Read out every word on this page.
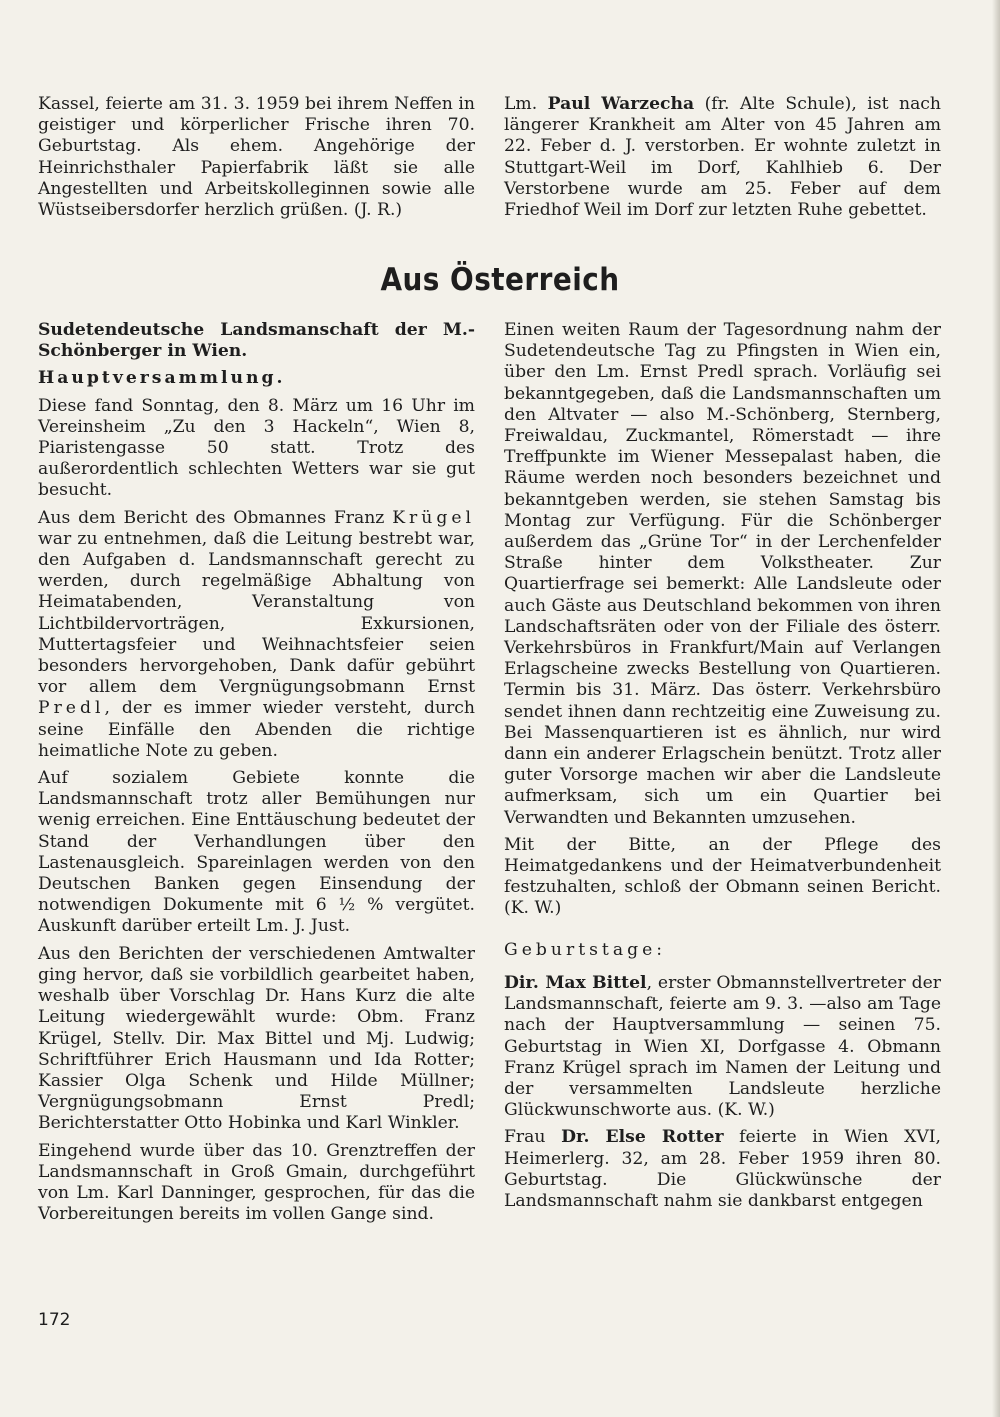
Kassel, feierte am 31. 3. 1959 bei ihrem Neffen in geistiger und körperlicher Frische ihren 70. Geburtstag. Als ehem. Angehörige der Heinrichsthaler Papierfabrik läßt sie alle Angestellten und Arbeitskolleginnen sowie alle Wüstseibersdorfer herzlich grüßen. (J. R.)

Lm. Paul Warzecha (fr. Alte Schule), ist nach längerer Krankheit am Alter von 45 Jahren am 22. Feber d. J. verstorben. Er wohnte zuletzt in Stuttgart-Weil im Dorf, Kahlhieb 6. Der Verstorbene wurde am 25. Feber auf dem Friedhof Weil im Dorf zur letzten Ruhe gebettet.

Aus Österreich

Sudetendeutsche Landsmanschaft der M.-Schönberger in Wien.

Hauptversammlung.

Diese fand Sonntag, den 8. März um 16 Uhr im Vereinsheim „Zu den 3 Hackeln“, Wien 8, Piaristengasse 50 statt. Trotz des außerordentlich schlechten Wetters war sie gut besucht.

Aus dem Bericht des Obmannes Franz Krügel war zu entnehmen, daß die Leitung bestrebt war, den Aufgaben d. Landsmannschaft gerecht zu werden, durch regelmäßige Abhaltung von Heimatabenden, Veranstaltung von Lichtbildervorträgen, Exkursionen, Muttertagsfeier und Weihnachtsfeier seien besonders hervorgehoben, Dank dafür gebührt vor allem dem Vergnügungsobmann Ernst Predl, der es immer wieder versteht, durch seine Einfälle den Abenden die richtige heimatliche Note zu geben.

Auf sozialem Gebiete konnte die Landsmannschaft trotz aller Bemühungen nur wenig erreichen. Eine Enttäuschung bedeutet der Stand der Verhandlungen über den Lastenausgleich. Spareinlagen werden von den Deutschen Banken gegen Einsendung der notwendigen Dokumente mit 6 ½ % vergütet. Auskunft darüber erteilt Lm. J. Just.

Aus den Berichten der verschiedenen Amtwalter ging hervor, daß sie vorbildlich gearbeitet haben, weshalb über Vorschlag Dr. Hans Kurz die alte Leitung wiedergewählt wurde: Obm. Franz Krügel, Stellv. Dir. Max Bittel und Mj. Ludwig; Schriftführer Erich Hausmann und Ida Rotter; Kassier Olga Schenk und Hilde Müllner; Vergnügungsobmann Ernst Predl; Berichterstatter Otto Hobinka und Karl Winkler.

Eingehend wurde über das 10. Grenztreffen der Landsmannschaft in Groß Gmain, durchgeführt von Lm. Karl Danninger, gesprochen, für das die Vorbereitungen bereits im vollen Gange sind.

Einen weiten Raum der Tagesordnung nahm der Sudetendeutsche Tag zu Pfingsten in Wien ein, über den Lm. Ernst Predl sprach. Vorläufig sei bekanntgegeben, daß die Landsmannschaften um den Altvater — also M.-Schönberg, Sternberg, Freiwaldau, Zuckmantel, Römerstadt — ihre Treffpunkte im Wiener Messepalast haben, die Räume werden noch besonders bezeichnet und bekanntgeben werden, sie stehen Samstag bis Montag zur Verfügung. Für die Schönberger außerdem das „Grüne Tor“ in der Lerchenfelder Straße hinter dem Volkstheater. Zur Quartierfrage sei bemerkt: Alle Landsleute oder auch Gäste aus Deutschland bekommen von ihren Landschaftsräten oder von der Filiale des österr. Verkehrsbüros in Frankfurt/Main auf Verlangen Erlagscheine zwecks Bestellung von Quartieren. Termin bis 31. März. Das österr. Verkehrsbüro sendet ihnen dann rechtzeitig eine Zuweisung zu. Bei Massenquartieren ist es ähnlich, nur wird dann ein anderer Erlagschein benützt. Trotz aller guter Vorsorge machen wir aber die Landsleute aufmerksam, sich um ein Quartier bei Verwandten und Bekannten umzusehen.

Mit der Bitte, an der Pflege des Heimatgedankens und der Heimatverbundenheit festzuhalten, schloß der Obmann seinen Bericht. (K. W.)

Geburtstage:

Dir. Max Bittel, erster Obmannstellvertreter der Landsmannschaft, feierte am 9. 3. —also am Tage nach der Hauptversammlung — seinen 75. Geburtstag in Wien XI, Dorfgasse 4. Obmann Franz Krügel sprach im Namen der Leitung und der versammelten Landsleute herzliche Glückwunschworte aus. (K. W.)

Frau Dr. Else Rotter feierte in Wien XVI, Heimerlerg. 32, am 28. Feber 1959 ihren 80. Geburtstag. Die Glückwünsche der Landsmannschaft nahm sie dankbarst entgegen

172
